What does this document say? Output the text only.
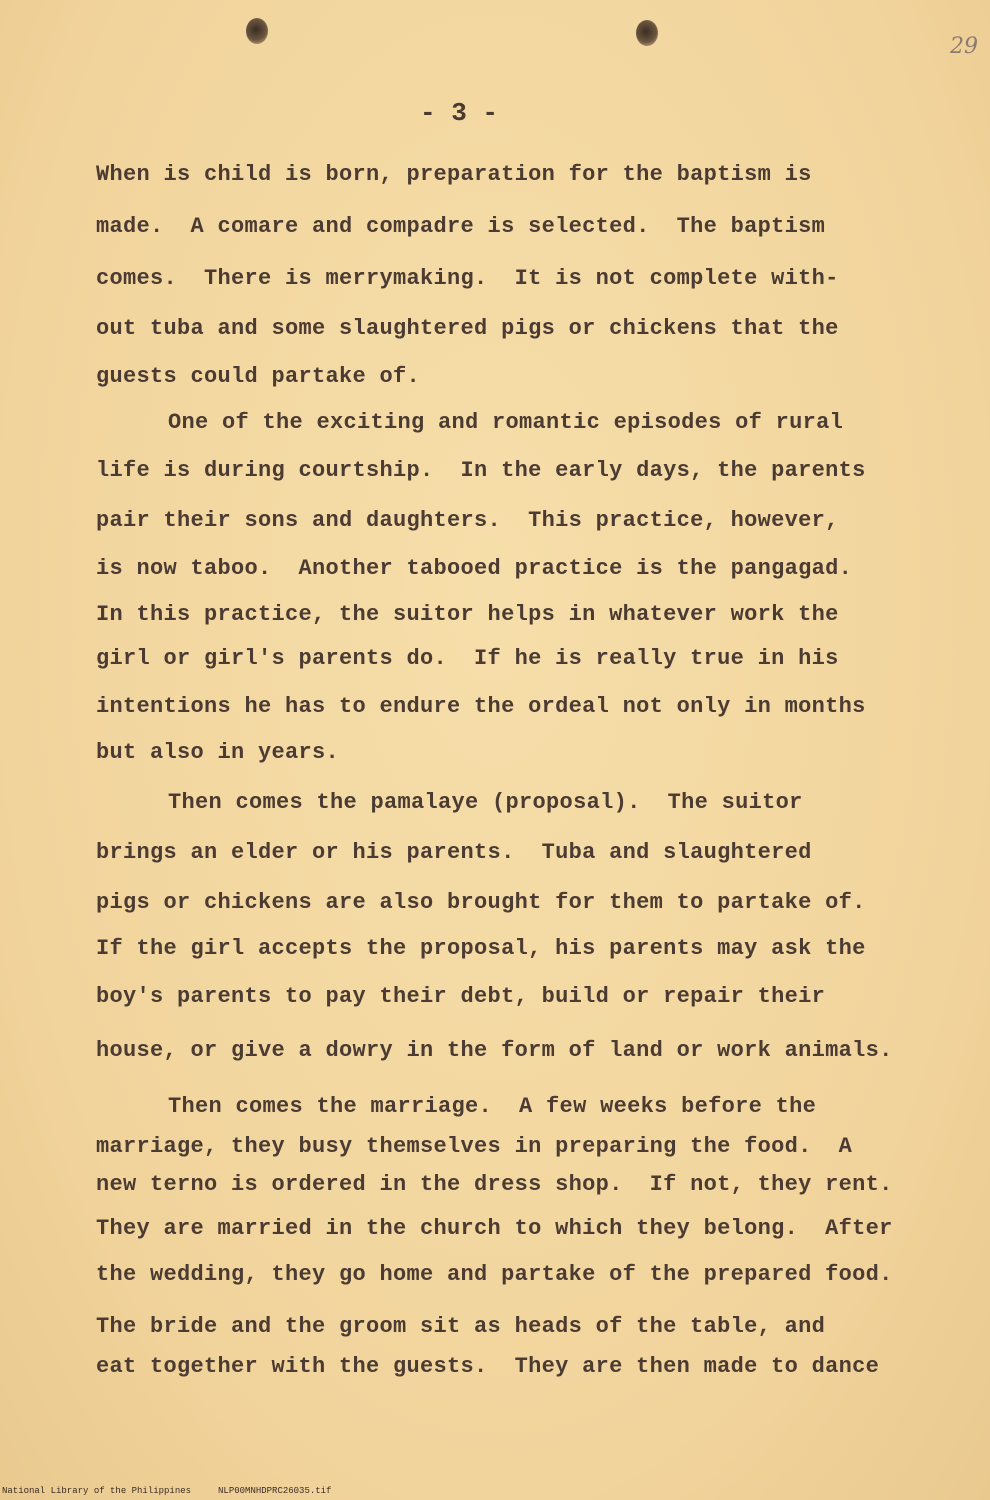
29
- 3 -
When is child is born, preparation for the baptism is
made.  A comare and compadre is selected.  The baptism
comes.  There is merrymaking.  It is not complete with-
out tuba and some slaughtered pigs or chickens that the
guests could partake of.
One of the exciting and romantic episodes of rural
life is during courtship.  In the early days, the parents
pair their sons and daughters.  This practice, however,
is now taboo.  Another tabooed practice is the pangagad.
In this practice, the suitor helps in whatever work the
girl or girl's parents do.  If he is really true in his
intentions he has to endure the ordeal not only in months
but also in years.
Then comes the pamalaye (proposal).  The suitor
brings an elder or his parents.  Tuba and slaughtered
pigs or chickens are also brought for them to partake of.
If the girl accepts the proposal, his parents may ask the
boy's parents to pay their debt, build or repair their
house, or give a dowry in the form of land or work animals.
Then comes the marriage.  A few weeks before the
marriage, they busy themselves in preparing the food.  A
new terno is ordered in the dress shop.  If not, they rent.
They are married in the church to which they belong.  After
the wedding, they go home and partake of the prepared food.
The bride and the groom sit as heads of the table, and
eat together with the guests.  They are then made to dance
National Library of the Philippines     NLP00MNHDPRC26035.tif
